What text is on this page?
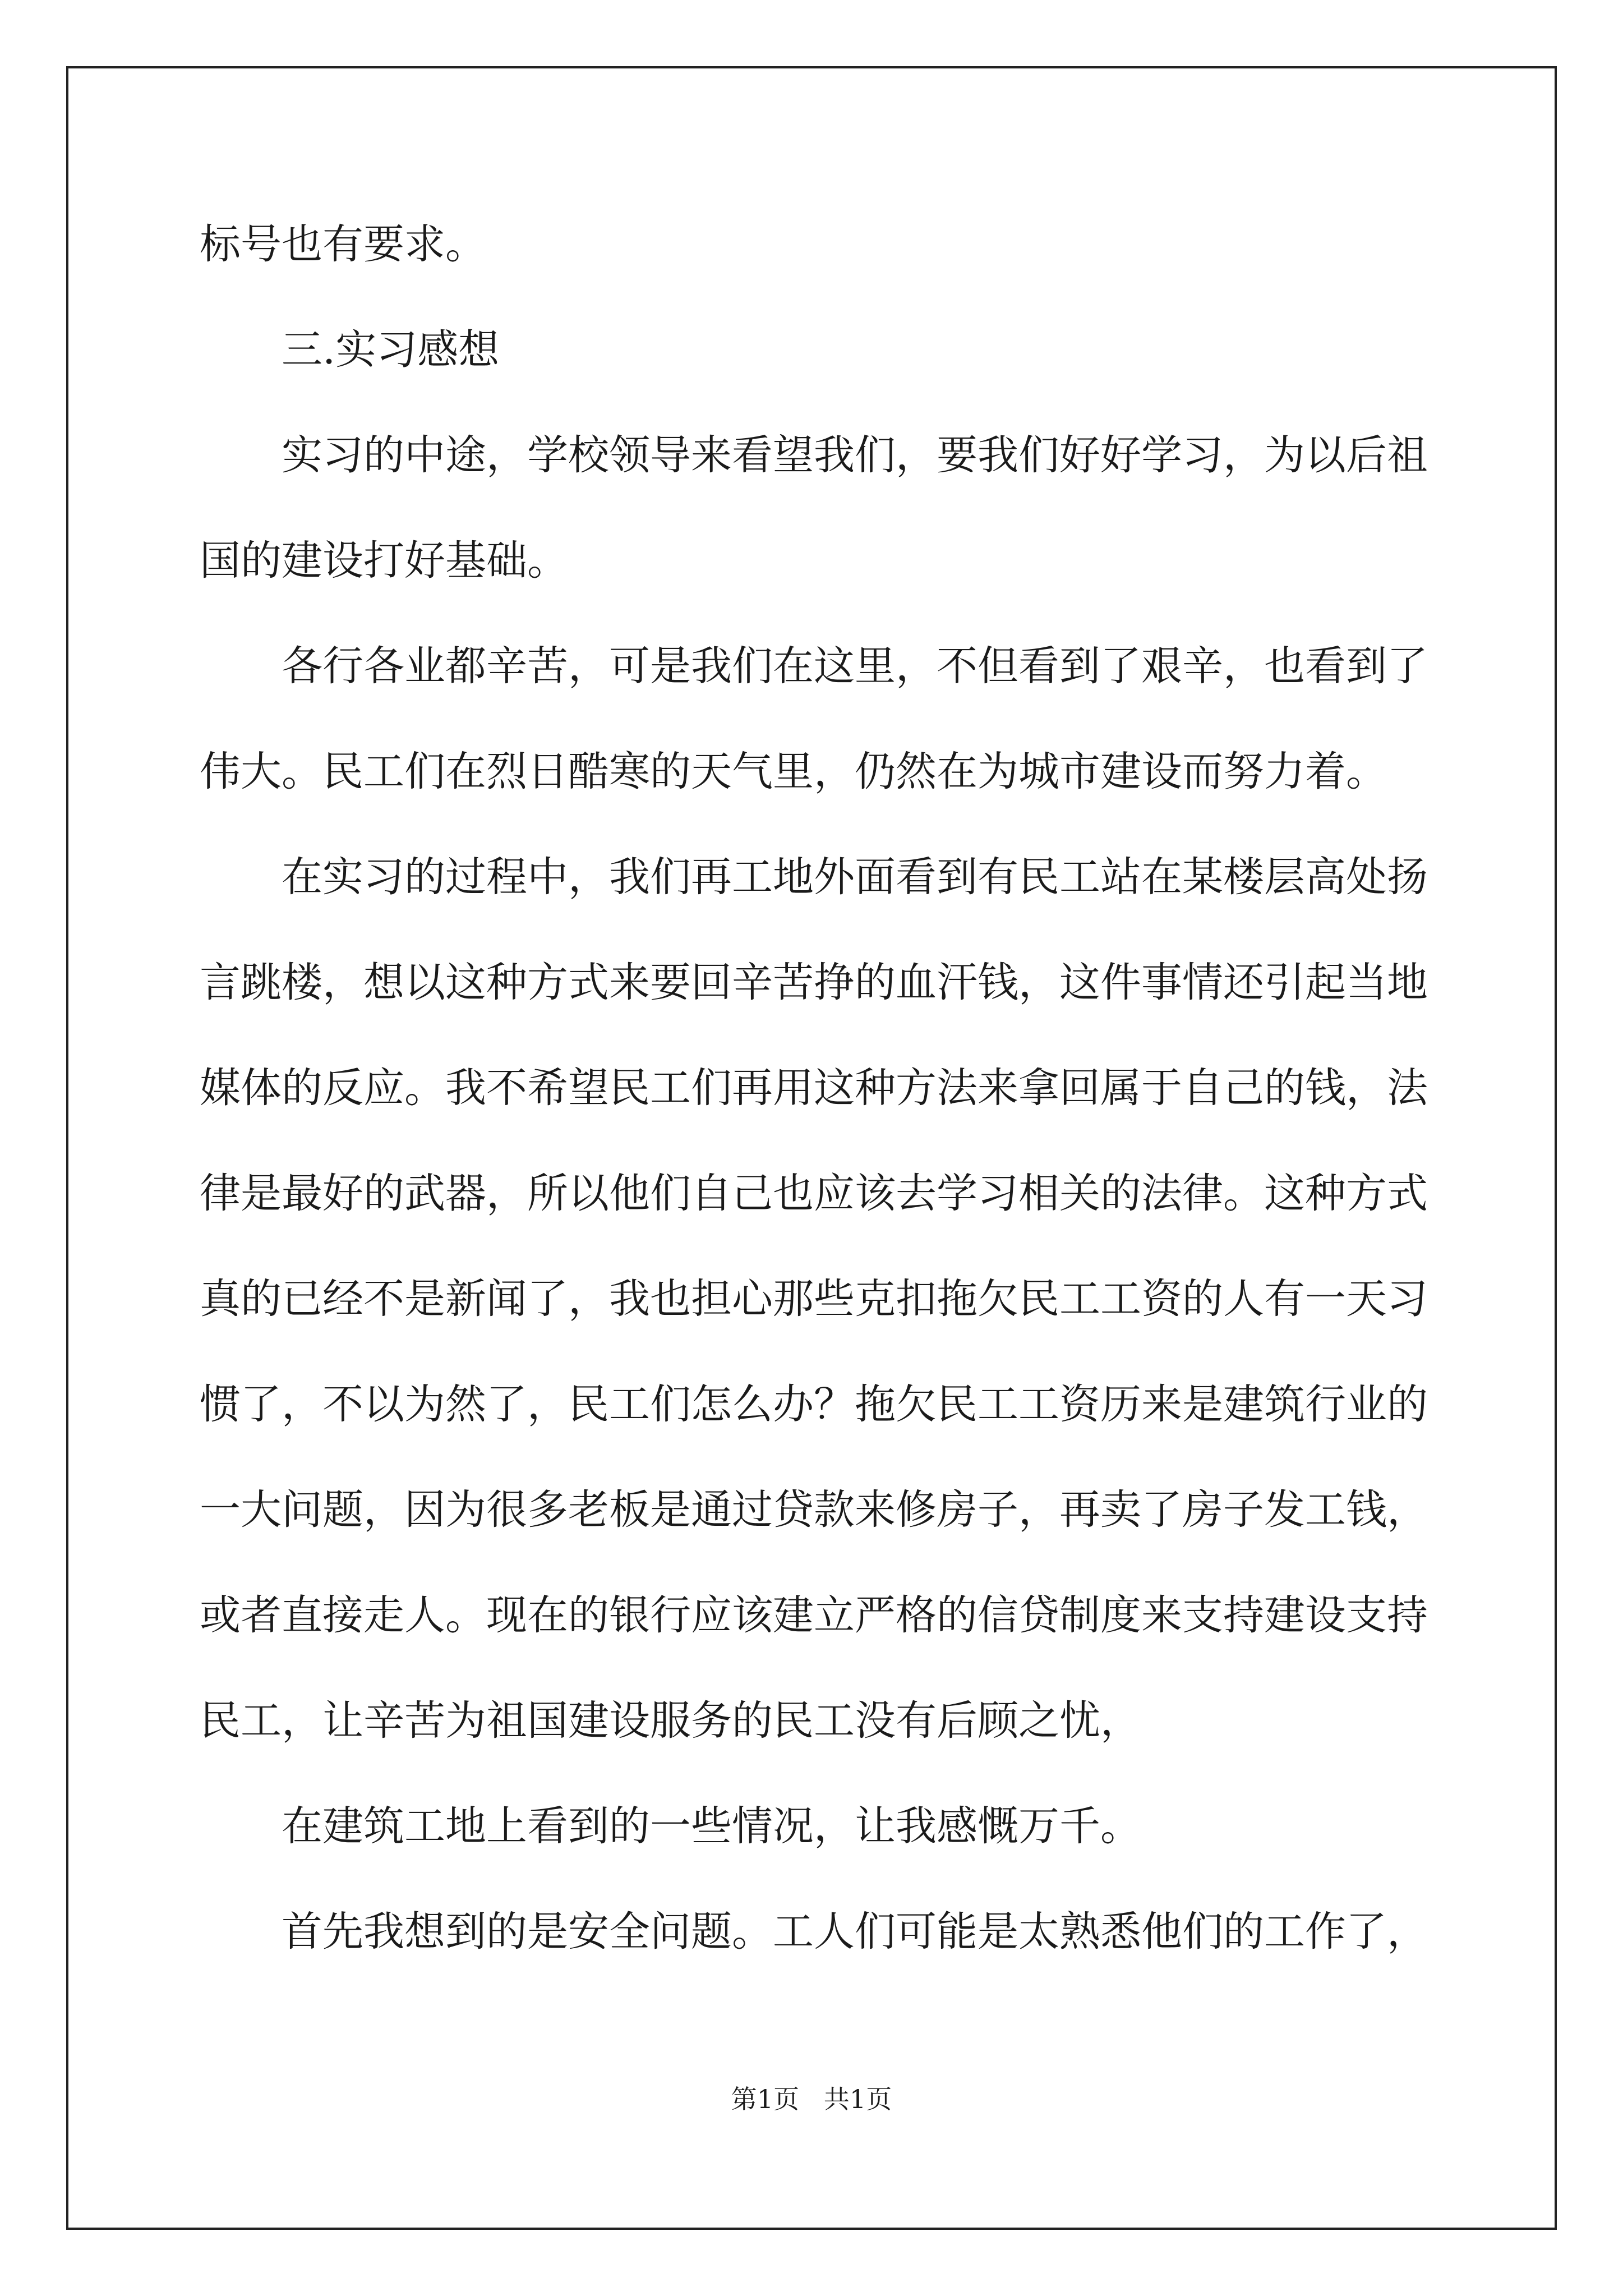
标号也有要求。
三.实习感想
实习的中途，学校领导来看望我们，要我们好好学习，为以后祖
国的建设打好基础。
各行各业都辛苦，可是我们在这里，不但看到了艰辛，也看到了
伟大。民工们在烈日酷寒的天气里，仍然在为城市建设而努力着。
在实习的过程中，我们再工地外面看到有民工站在某楼层高处扬
言跳楼，想以这种方式来要回辛苦挣的血汗钱，这件事情还引起当地
媒体的反应。我不希望民工们再用这种方法来拿回属于自己的钱，法
律是最好的武器，所以他们自己也应该去学习相关的法律。这种方式
真的已经不是新闻了，我也担心那些克扣拖欠民工工资的人有一天习
惯了，不以为然了，民工们怎么办？拖欠民工工资历来是建筑行业的
一大问题，因为很多老板是通过贷款来修房子，再卖了房子发工钱，
或者直接走人。现在的银行应该建立严格的信贷制度来支持建设支持
民工，让辛苦为祖国建设服务的民工没有后顾之忧，
在建筑工地上看到的一些情况，让我感慨万千。
首先我想到的是安全问题。工人们可能是太熟悉他们的工作了，
第1页   共1页
